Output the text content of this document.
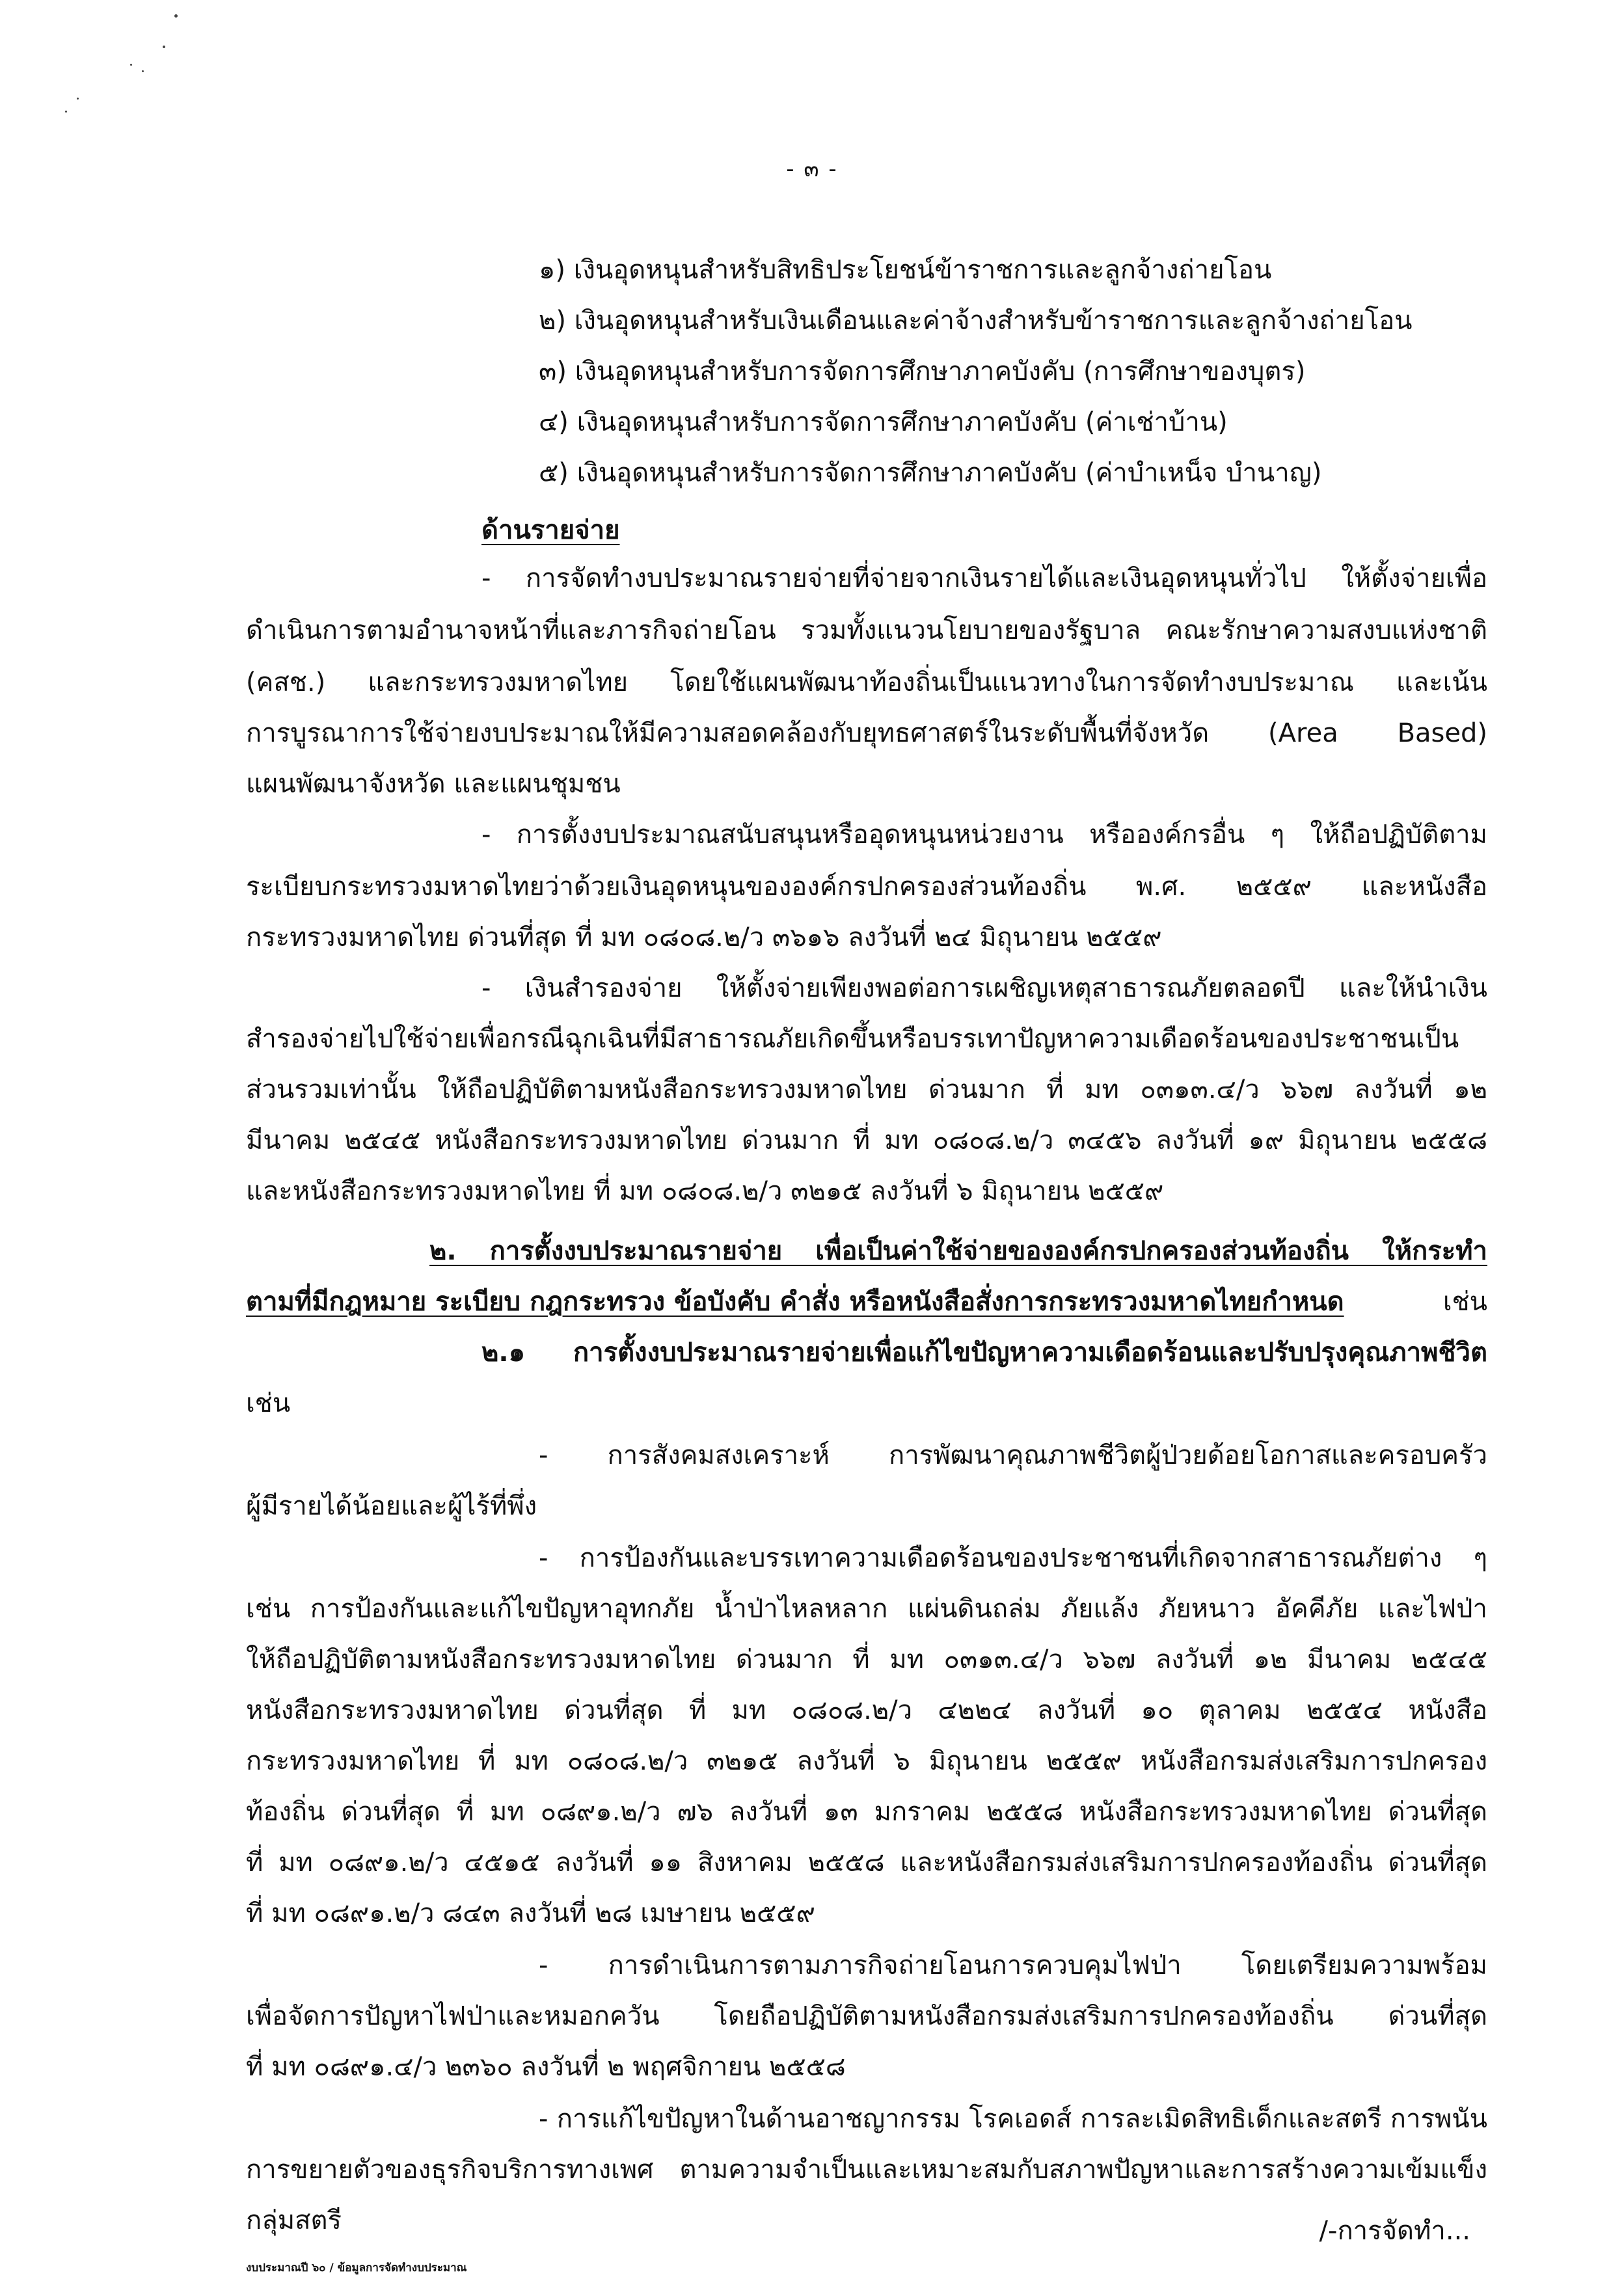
- ๓ -
๑) เงินอุดหนุนสำหรับสิทธิประโยชน์ข้าราชการและลูกจ้างถ่ายโอน
๒) เงินอุดหนุนสำหรับเงินเดือนและค่าจ้างสำหรับข้าราชการและลูกจ้างถ่ายโอน
๓) เงินอุดหนุนสำหรับการจัดการศึกษาภาคบังคับ (การศึกษาของบุตร)
๔) เงินอุดหนุนสำหรับการจัดการศึกษาภาคบังคับ (ค่าเช่าบ้าน)
๕) เงินอุดหนุนสำหรับการจัดการศึกษาภาคบังคับ (ค่าบำเหน็จ บำนาญ)
ด้านรายจ่าย
- การจัดทำงบประมาณรายจ่ายที่จ่ายจากเงินรายได้และเงินอุดหนุนทั่วไป ให้ตั้งจ่ายเพื่อ
ดำเนินการตามอำนาจหน้าที่และภารกิจถ่ายโอน รวมทั้งแนวนโยบายของรัฐบาล คณะรักษาความสงบแห่งชาติ
(คสช.) และกระทรวงมหาดไทย โดยใช้แผนพัฒนาท้องถิ่นเป็นแนวทางในการจัดทำงบประมาณ และเน้น
การบูรณาการใช้จ่ายงบประมาณให้มีความสอดคล้องกับยุทธศาสตร์ในระดับพื้นที่จังหวัด (Area Based)
แผนพัฒนาจังหวัด และแผนชุมชน
- การตั้งงบประมาณสนับสนุนหรืออุดหนุนหน่วยงาน หรือองค์กรอื่น ๆ ให้ถือปฏิบัติตาม
ระเบียบกระทรวงมหาดไทยว่าด้วยเงินอุดหนุนขององค์กรปกครองส่วนท้องถิ่น พ.ศ. ๒๕๕๙ และหนังสือ
กระทรวงมหาดไทย ด่วนที่สุด ที่ มท ๐๘๐๘.๒/ว ๓๖๑๖ ลงวันที่ ๒๔ มิถุนายน ๒๕๕๙
- เงินสำรองจ่าย ให้ตั้งจ่ายเพียงพอต่อการเผชิญเหตุสาธารณภัยตลอดปี และให้นำเงิน
สำรองจ่ายไปใช้จ่ายเพื่อกรณีฉุกเฉินที่มีสาธารณภัยเกิดขึ้นหรือบรรเทาปัญหาความเดือดร้อนของประชาชนเป็น
ส่วนรวมเท่านั้น ให้ถือปฏิบัติตามหนังสือกระทรวงมหาดไทย ด่วนมาก ที่ มท ๐๓๑๓.๔/ว ๖๖๗ ลงวันที่ ๑๒
มีนาคม ๒๕๔๕ หนังสือกระทรวงมหาดไทย ด่วนมาก ที่ มท ๐๘๐๘.๒/ว ๓๔๕๖ ลงวันที่ ๑๙ มิถุนายน ๒๕๕๘
และหนังสือกระทรวงมหาดไทย ที่ มท ๐๘๐๘.๒/ว ๓๒๑๕ ลงวันที่ ๖ มิถุนายน ๒๕๕๙
๒. การตั้งงบประมาณรายจ่าย เพื่อเป็นค่าใช้จ่ายขององค์กรปกครองส่วนท้องถิ่น ให้กระทำ
ตามที่มีกฎหมาย ระเบียบ กฎกระทรวง ข้อบังคับ คำสั่ง หรือหนังสือสั่งการกระทรวงมหาดไทยกำหนด	เช่น
๒.๑ การตั้งงบประมาณรายจ่ายเพื่อแก้ไขปัญหาความเดือดร้อนและปรับปรุงคุณภาพชีวิต
เช่น
- การสังคมสงเคราะห์ การพัฒนาคุณภาพชีวิตผู้ป่วยด้อยโอกาสและครอบครัว
ผู้มีรายได้น้อยและผู้ไร้ที่พึ่ง
- การป้องกันและบรรเทาความเดือดร้อนของประชาชนที่เกิดจากสาธารณภัยต่าง ๆ
เช่น การป้องกันและแก้ไขปัญหาอุทกภัย น้ำป่าไหลหลาก แผ่นดินถล่ม ภัยแล้ง ภัยหนาว อัคคีภัย และไฟป่า
ให้ถือปฏิบัติตามหนังสือกระทรวงมหาดไทย ด่วนมาก ที่ มท ๐๓๑๓.๔/ว ๖๖๗ ลงวันที่ ๑๒ มีนาคม ๒๕๔๕
หนังสือกระทรวงมหาดไทย ด่วนที่สุด ที่ มท ๐๘๐๘.๒/ว ๔๒๒๔ ลงวันที่ ๑๐ ตุลาคม ๒๕๕๔ หนังสือ
กระทรวงมหาดไทย ที่ มท ๐๘๐๘.๒/ว ๓๒๑๕ ลงวันที่ ๖ มิถุนายน ๒๕๕๙ หนังสือกรมส่งเสริมการปกครอง
ท้องถิ่น ด่วนที่สุด ที่ มท ๐๘๙๑.๒/ว ๗๖ ลงวันที่ ๑๓ มกราคม ๒๕๕๘ หนังสือกระทรวงมหาดไทย ด่วนที่สุด
ที่ มท ๐๘๙๑.๒/ว ๔๕๑๕ ลงวันที่ ๑๑ สิงหาคม ๒๕๕๘ และหนังสือกรมส่งเสริมการปกครองท้องถิ่น ด่วนที่สุด
ที่ มท ๐๘๙๑.๒/ว ๘๔๓ ลงวันที่ ๒๘ เมษายน ๒๕๕๙
- การดำเนินการตามภารกิจถ่ายโอนการควบคุมไฟป่า โดยเตรียมความพร้อม
เพื่อจัดการปัญหาไฟป่าและหมอกควัน โดยถือปฏิบัติตามหนังสือกรมส่งเสริมการปกครองท้องถิ่น ด่วนที่สุด
ที่ มท ๐๘๙๑.๔/ว ๒๓๖๐ ลงวันที่ ๒ พฤศจิกายน ๒๕๕๘
- การแก้ไขปัญหาในด้านอาชญากรรม โรคเอดส์ การละเมิดสิทธิเด็กและสตรี การพนัน
การขยายตัวของธุรกิจบริการทางเพศ ตามความจำเป็นและเหมาะสมกับสภาพปัญหาและการสร้างความเข้มแข็ง
กลุ่มสตรี	/-การจัดทำ...
งบประมาณปี ๖๐ / ข้อมูลการจัดทำงบประมาณ
